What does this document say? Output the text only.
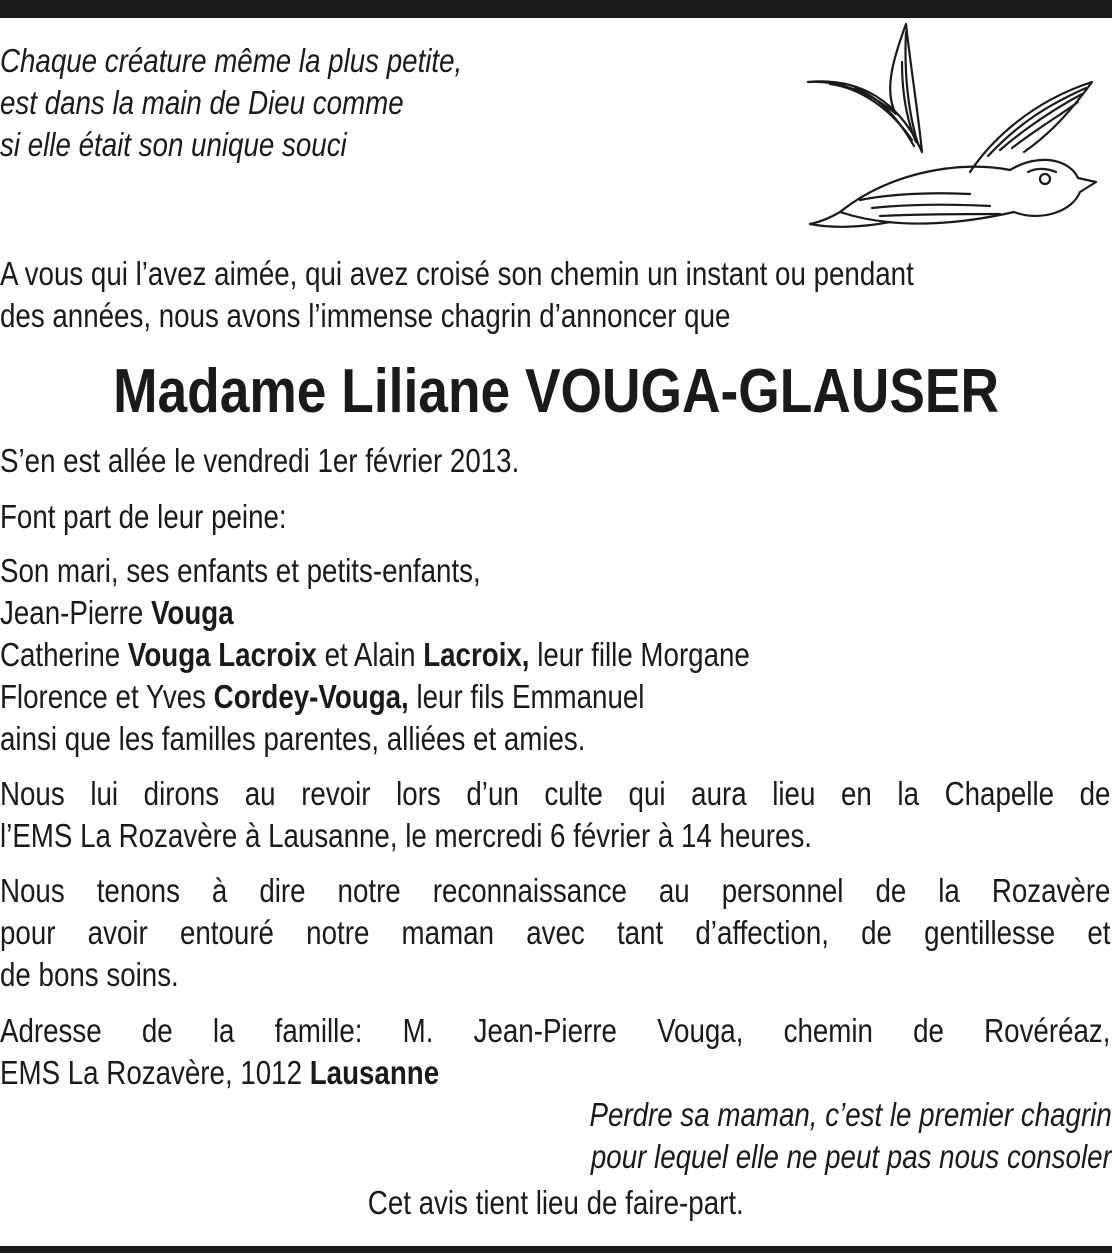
Chaque créature même la plus petite,
est dans la main de Dieu comme
si elle était son unique souci
A vous qui l’avez aimée, qui avez croisé son chemin un instant ou pendant
des années, nous avons l’immense chagrin d’annoncer que
Madame Liliane VOUGA-GLAUSER
S’en est allée le vendredi 1er février 2013.
Font part de leur peine:
Son mari, ses enfants et petits-enfants,
Jean-Pierre Vouga
Catherine Vouga Lacroix et Alain Lacroix, leur fille Morgane
Florence et Yves Cordey-Vouga, leur fils Emmanuel
ainsi que les familles parentes, alliées et amies.
Nous lui dirons au revoir lors d’un culte qui aura lieu en la Chapelle de
l’EMS La Rozavère à Lausanne, le mercredi 6 février à 14 heures.
Nous tenons à dire notre reconnaissance au personnel de la Rozavère
pour avoir entouré notre maman avec tant d’affection, de gentillesse et
de bons soins.
Adresse de la famille: M. Jean-Pierre Vouga, chemin de Rovéréaz,
EMS La Rozavère, 1012 Lausanne
Perdre sa maman, c’est le premier chagrin
pour lequel elle ne peut pas nous consoler
Cet avis tient lieu de faire-part.
